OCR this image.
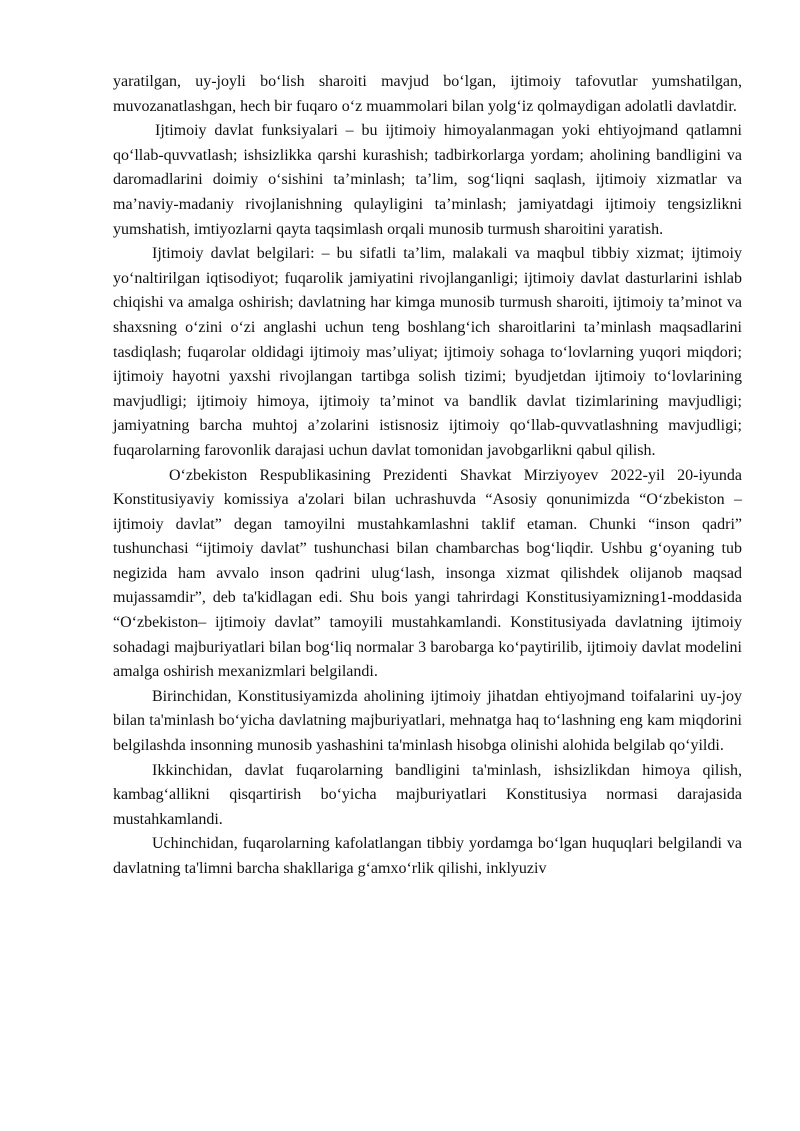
yaratilgan, uy-joyli boʻlish sharoiti mavjud boʻlgan, ijtimoiy tafovutlar yumshatilgan, muvozanatlashgan, hech bir fuqaro oʻz muammolari bilan yolgʻiz qolmaydigan adolatli davlatdir.

Ijtimoiy davlat funksiyalari – bu ijtimoiy himoyalanmagan yoki ehtiyojmand qatlamni qoʻllab-quvvatlash; ishsizlikka qarshi kurashish; tadbirkorlarga yordam; aholining bandligini va daromadlarini doimiy oʻsishini taʼminlash; taʼlim, sogʻliqni saqlash, ijtimoiy xizmatlar va maʼnaviy-madaniy rivojlanishning qulayligini taʼminlash; jamiyatdagi ijtimoiy tengsizlikni yumshatish, imtiyozlarni qayta taqsimlash orqali munosib turmush sharoitini yaratish.

Ijtimoiy davlat belgilari: – bu sifatli taʼlim, malakali va maqbul tibbiy xizmat; ijtimoiy yoʻnaltirilgan iqtisodiyot; fuqarolik jamiyatini rivojlanganligi; ijtimoiy davlat dasturlarini ishlab chiqishi va amalga oshirish; davlatning har kimga munosib turmush sharoiti, ijtimoiy taʼminot va shaxsning oʻzini oʻzi anglashi uchun teng boshlangʻich sharoitlarini taʼminlash maqsadlarini tasdiqlash; fuqarolar oldidagi ijtimoiy masʼuliyat; ijtimoiy sohaga toʻlovlarning yuqori miqdori; ijtimoiy hayotni yaxshi rivojlangan tartibga solish tizimi; byudjetdan ijtimoiy toʻlovlarining mavjudligi; ijtimoiy himoya, ijtimoiy taʼminot va bandlik davlat tizimlarining mavjudligi; jamiyatning barcha muhtoj aʼzolarini istisnosiz ijtimoiy qoʻllab-quvvatlashning mavjudligi; fuqarolarning farovonlik darajasi uchun davlat tomonidan javobgarlikni qabul qilish.

Oʻzbekiston Respublikasining Prezidenti Shavkat Mirziyoyev 2022-yil 20-iyunda Konstitusiyaviy komissiya a'zolari bilan uchrashuvda “Asosiy qonunimizda “Oʻzbekiston – ijtimoiy davlat” degan tamoyilni mustahkamlashni taklif etaman. Chunki “inson qadri” tushunchasi “ijtimoiy davlat” tushunchasi bilan chambarchas bogʻliqdir. Ushbu gʻoyaning tub negizida ham avvalo inson qadrini ulugʻlash, insonga xizmat qilishdek olijanob maqsad mujassamdir”, deb ta'kidlagan edi. Shu bois yangi tahrirdagi Konstitusiyamizning1-moddasida “Oʻzbekiston– ijtimoiy davlat” tamoyili mustahkamlandi. Konstitusiyada davlatning ijtimoiy sohadagi majburiyatlari bilan bogʻliq normalar 3 barobarga koʻpaytirilib, ijtimoiy davlat modelini amalga oshirish mexanizmlari belgilandi.

Birinchidan, Konstitusiyamizda aholining ijtimoiy jihatdan ehtiyojmand toifalarini uy-joy bilan ta'minlash boʻyicha davlatning majburiyatlari, mehnatga haq toʻlashning eng kam miqdorini belgilashda insonning munosib yashashini ta'minlash hisobga olinishi alohida belgilab qoʻyildi.

Ikkinchidan, davlat fuqarolarning bandligini ta'minlash, ishsizlikdan himoya qilish, kambagʻallikni qisqartirish boʻyicha majburiyatlari Konstitusiya normasi darajasida mustahkamlandi.

Uchinchidan, fuqarolarning kafolatlangan tibbiy yordamga boʻlgan huquqlari belgilandi va davlatning ta'limni barcha shakllariga gʻamxoʻrlik qilishi, inklyuziv
